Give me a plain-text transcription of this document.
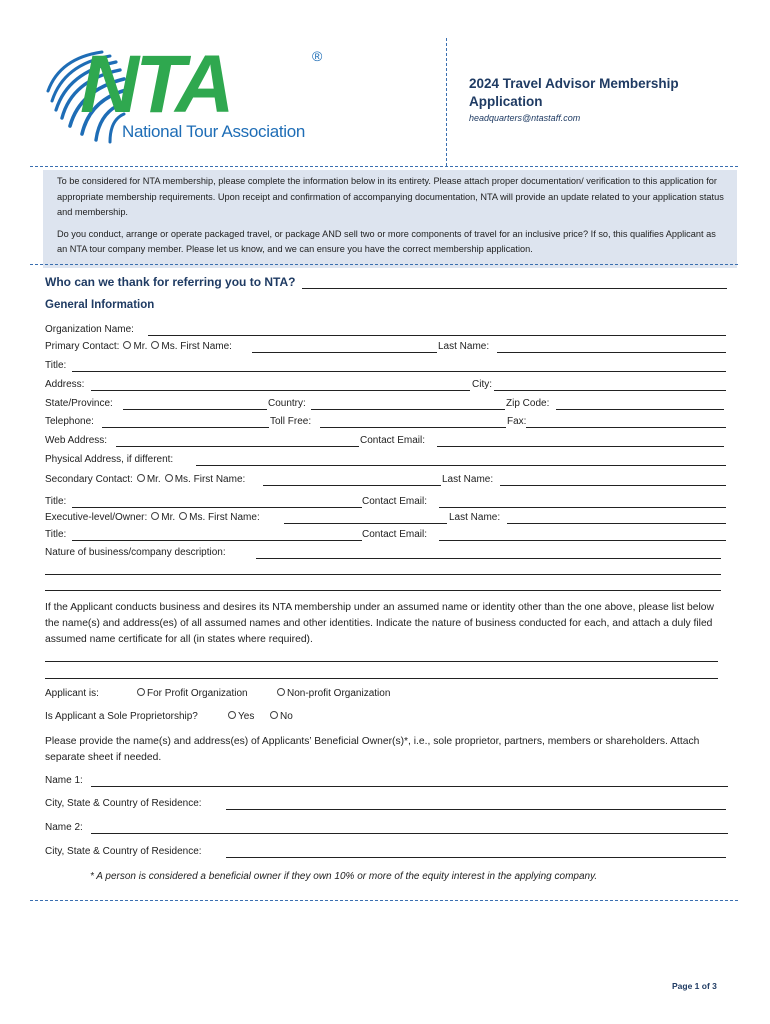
NTA	®
National Tour Association
2024 Travel Advisor Membership Application
headquarters@ntastaff.com

To be considered for NTA membership, please complete the information below in its entirety. Please attach proper documentation/ verification to this application for appropriate membership requirements. Upon receipt and confirmation of accompanying documentation, NTA will provide an update related to your application status and membership.

Do you conduct, arrange or operate packaged travel, or package AND sell two or more components of travel for an inclusive price? If so, this qualifies Applicant as an NTA tour company member. Please let us know, and we can ensure you have the correct membership application.

Who can we thank for referring you to NTA?
General Information
Organization Name:
Primary Contact: Mr. Ms. First Name:	Last Name:
Title:
Address:	City:
State/Province:	Country:	Zip Code:
Telephone:	Toll Free:	Fax:
Web Address:	Contact Email:
Physical Address, if different:
Secondary Contact: Mr. Ms. First Name:	Last Name:
Title:	Contact Email:
Executive-level/Owner: Mr. Ms. First Name:	Last Name:
Title:	Contact Email:
Nature of business/company description:
If the Applicant conducts business and desires its NTA membership under an assumed name or identity other than the one above, please list below the name(s) and address(es) of all assumed names and other identities. Indicate the nature of business conducted for each, and attach a duly filed assumed name certificate for all (in states where required).
Applicant is:	For Profit Organization	Non-profit Organization
Is Applicant a Sole Proprietorship?	Yes	No
Please provide the name(s) and address(es) of Applicants’ Beneficial Owner(s)*, i.e., sole proprietor, partners, members or shareholders. Attach separate sheet if needed.
Name 1:
City, State & Country of Residence:
Name 2:
City, State & Country of Residence:
* A person is considered a beneficial owner if they own 10% or more of the equity interest in the applying company.
Page 1 of 3
